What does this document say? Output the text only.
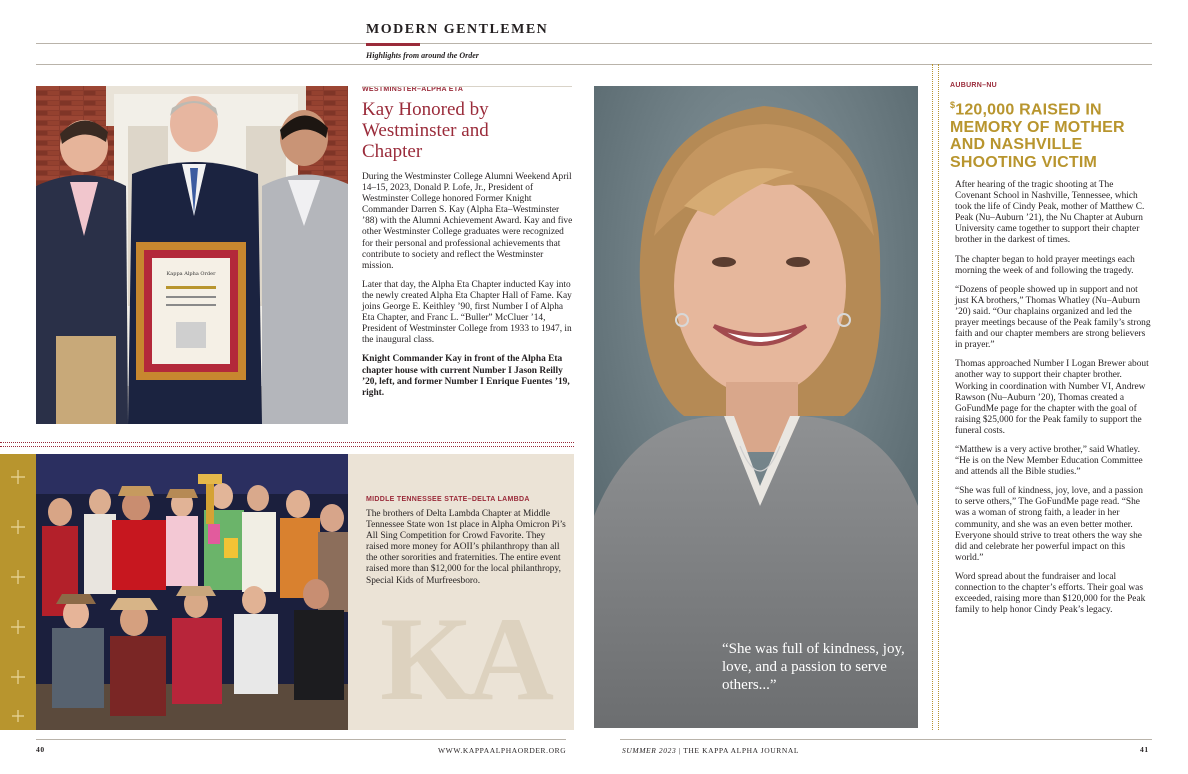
MODERN GENTLEMEN
Highlights from around the Order
Kappa Alpha Order
WESTMINSTER–ALPHA ETA
Kay Honored by Westminster and Chapter

During the Westminster College Alumni Weekend April 14–15, 2023, Donald P. Lofe, Jr., President of Westminster College honored Former Knight Commander Darren S. Kay (Alpha Eta–Westminster ’88) with the Alumni Achievement Award. Kay and five other Westminster College graduates were recognized for their personal and professional achievements that contribute to society and reflect the Westminster mission.

Later that day, the Alpha Eta Chapter inducted Kay into the newly created Alpha Eta Chapter Hall of Fame. Kay joins George E. Keithley ’90, first Number I of Alpha Eta Chapter, and Franc L. “Buller” McCluer ’14, President of Westminster College from 1933 to 1947, in the inaugural class.

Knight Commander Kay in front of the Alpha Eta chapter house with current Number I Jason Reilly ’20, left, and former Number I Enrique Fuentes ’19, right.

KA
MIDDLE TENNESSEE STATE–DELTA LAMBDA
The brothers of Delta Lambda Chapter at Middle Tennessee State won 1st place in Alpha Omicron Pi’s All Sing Competition for Crowd Favorite. They raised more money for AOII’s philanthropy than all the other sororities and fraternities. The entire event raised more than $12,000 for the local philanthropy, Special Kids of Murfreesboro.
“She was full of kindness, joy, love, and a passion to serve others...”
AUBURN–NU
$120,000 RAISED IN MEMORY OF MOTHER AND NASHVILLE SHOOTING VICTIM

After hearing of the tragic shooting at The Covenant School in Nashville, Tennessee, which took the life of Cindy Peak, mother of Matthew C. Peak (Nu–Auburn ’21), the Nu Chapter at Auburn University came together to support their chapter brother in the darkest of times.

The chapter began to hold prayer meetings each morning the week of and following the tragedy.

“Dozens of people showed up in support and not just KA brothers,” Thomas Whatley (Nu–Auburn ’20) said. “Our chaplains organized and led the prayer meetings because of the Peak family’s strong faith and our chapter members are strong believers in prayer.”

Thomas approached Number I Logan Brewer about another way to support their chapter brother. Working in coordination with Number VI, Andrew Rawson (Nu–Auburn ’20), Thomas created a GoFundMe page for the chapter with the goal of raising $25,000 for the Peak family to support the funeral costs.

“Matthew is a very active brother,” said Whatley. “He is on the New Member Education Committee and attends all the Bible studies.”

“She was full of kindness, joy, love, and a passion to serve others,” The GoFundMe page read. “She was a woman of strong faith, a leader in her community, and she was an even better mother. Everyone should strive to treat others the way she did and celebrate her powerful impact on this world.”

Word spread about the fundraiser and local connection to the chapter’s efforts. Their goal was exceeded, raising more than $120,000 for the Peak family to help honor Cindy Peak’s legacy.

40	WWW.KAPPAALPHAORDER.ORG	SUMMER 2023 | THE KAPPA ALPHA JOURNAL	41
